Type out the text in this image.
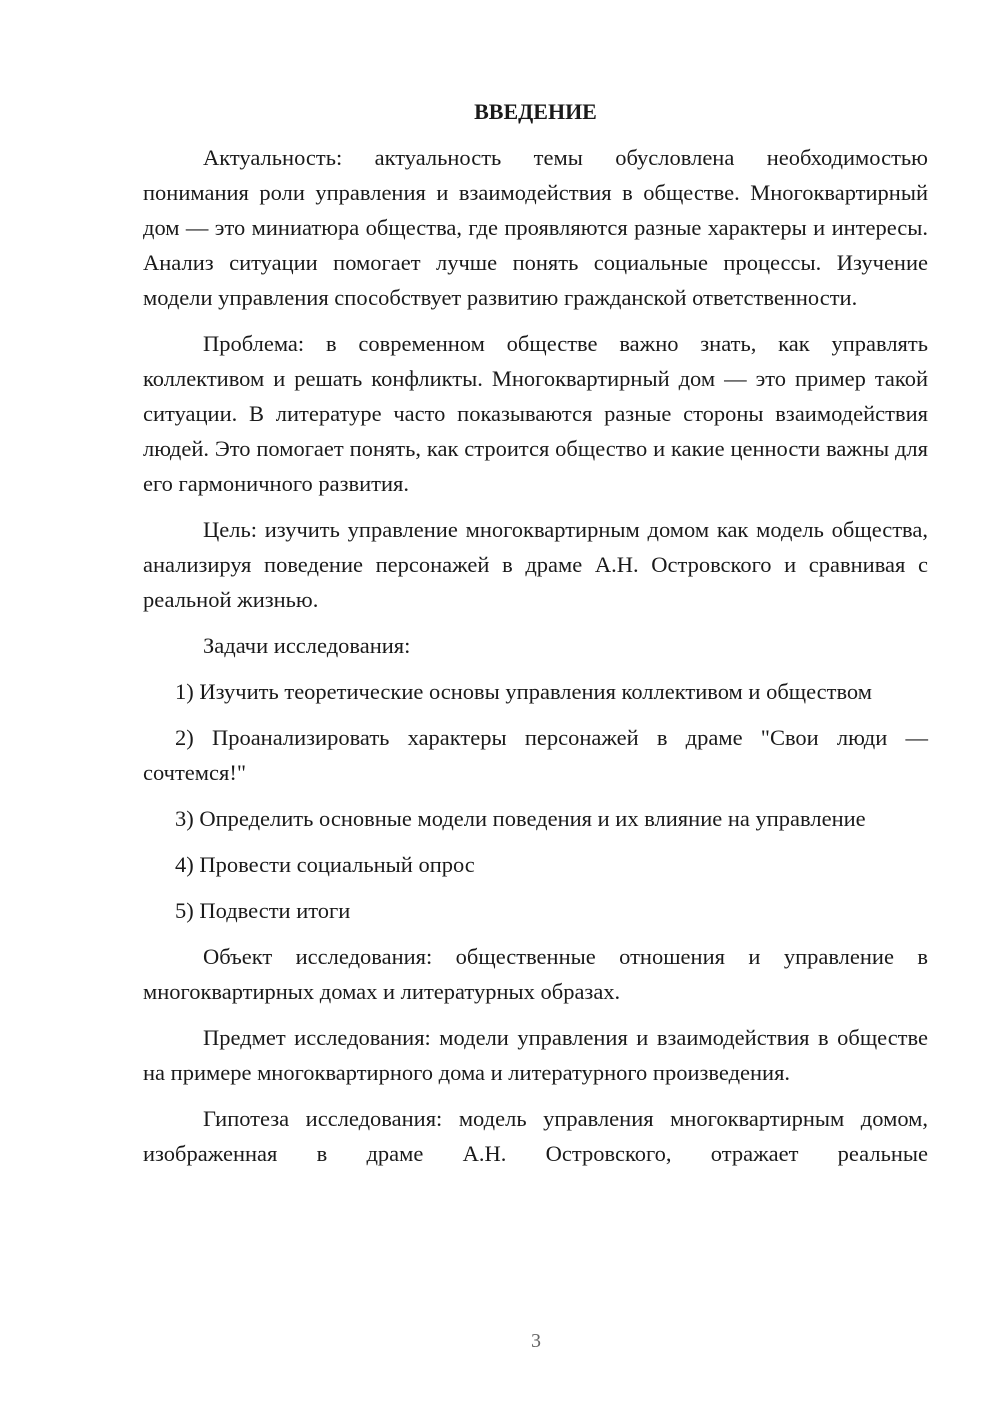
ВВЕДЕНИЕ

Актуальность: актуальность темы обусловлена необходимостью понимания роли управления и взаимодействия в обществе. Многоквартирный дом — это миниатюра общества, где проявляются разные характеры и интересы. Анализ ситуации помогает лучше понять социальные процессы. Изучение модели управления способствует развитию гражданской ответственности.

Проблема: в современном обществе важно знать, как управлять коллективом и решать конфликты. Многоквартирный дом — это пример такой ситуации. В литературе часто показываются разные стороны взаимодействия людей. Это помогает понять, как строится общество и какие ценности важны для его гармоничного развития.

Цель: изучить управление многоквартирным домом как модель общества, анализируя поведение персонажей в драме А.Н. Островского и сравнивая с реальной жизнью.

Задачи исследования:

1) Изучить теоретические основы управления коллективом и обществом

2) Проанализировать характеры персонажей в драме "Свои люди — сочтемся!"

3) Определить основные модели поведения и их влияние на управление

4) Провести социальный опрос

5) Подвести итоги

Объект исследования: общественные отношения и управление в многоквартирных домах и литературных образах.

Предмет исследования: модели управления и взаимодействия в обществе на примере многоквартирного дома и литературного произведения.

Гипотеза исследования: модель управления многоквартирным домом, изображенная в драме А.Н. Островского, отражает реальные

3
